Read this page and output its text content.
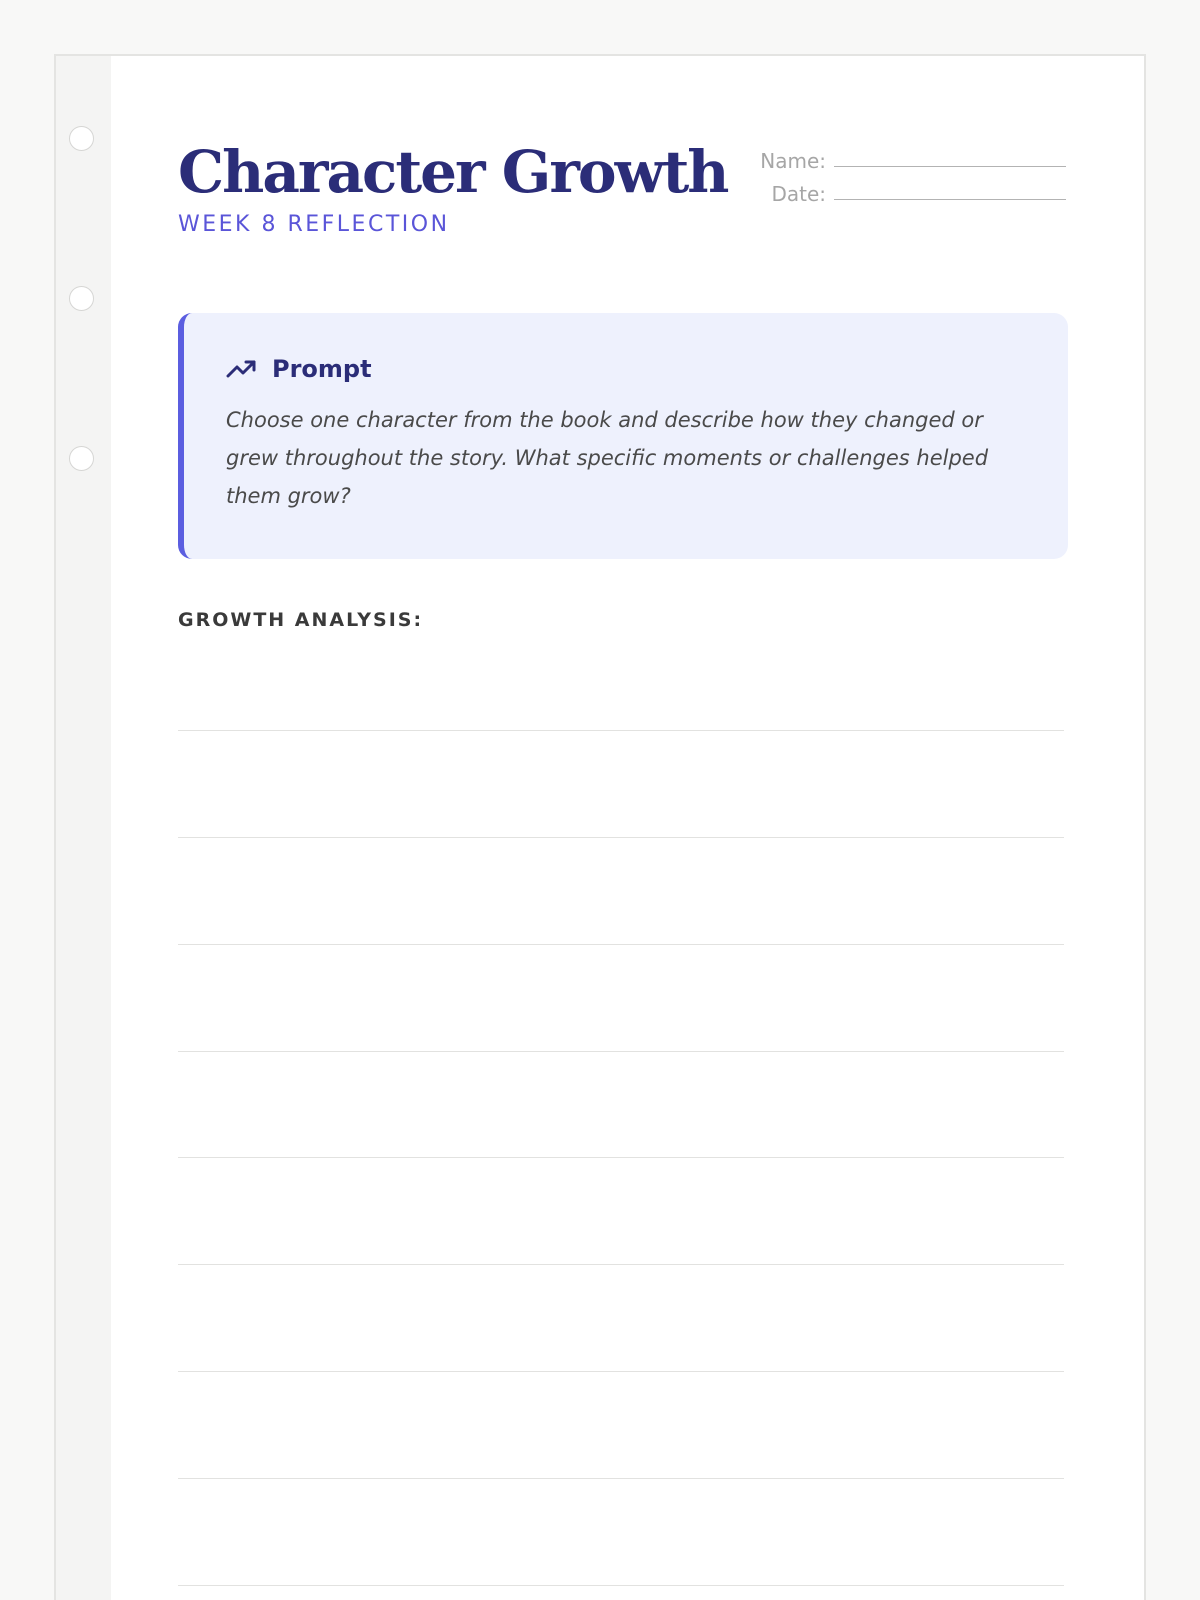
Character Growth
WEEK 8 REFLECTION
Name:
Date:
Prompt

Choose one character from the book and describe how they changed or grew throughout the story. What specific moments or challenges helped them grow?

GROWTH ANALYSIS:
